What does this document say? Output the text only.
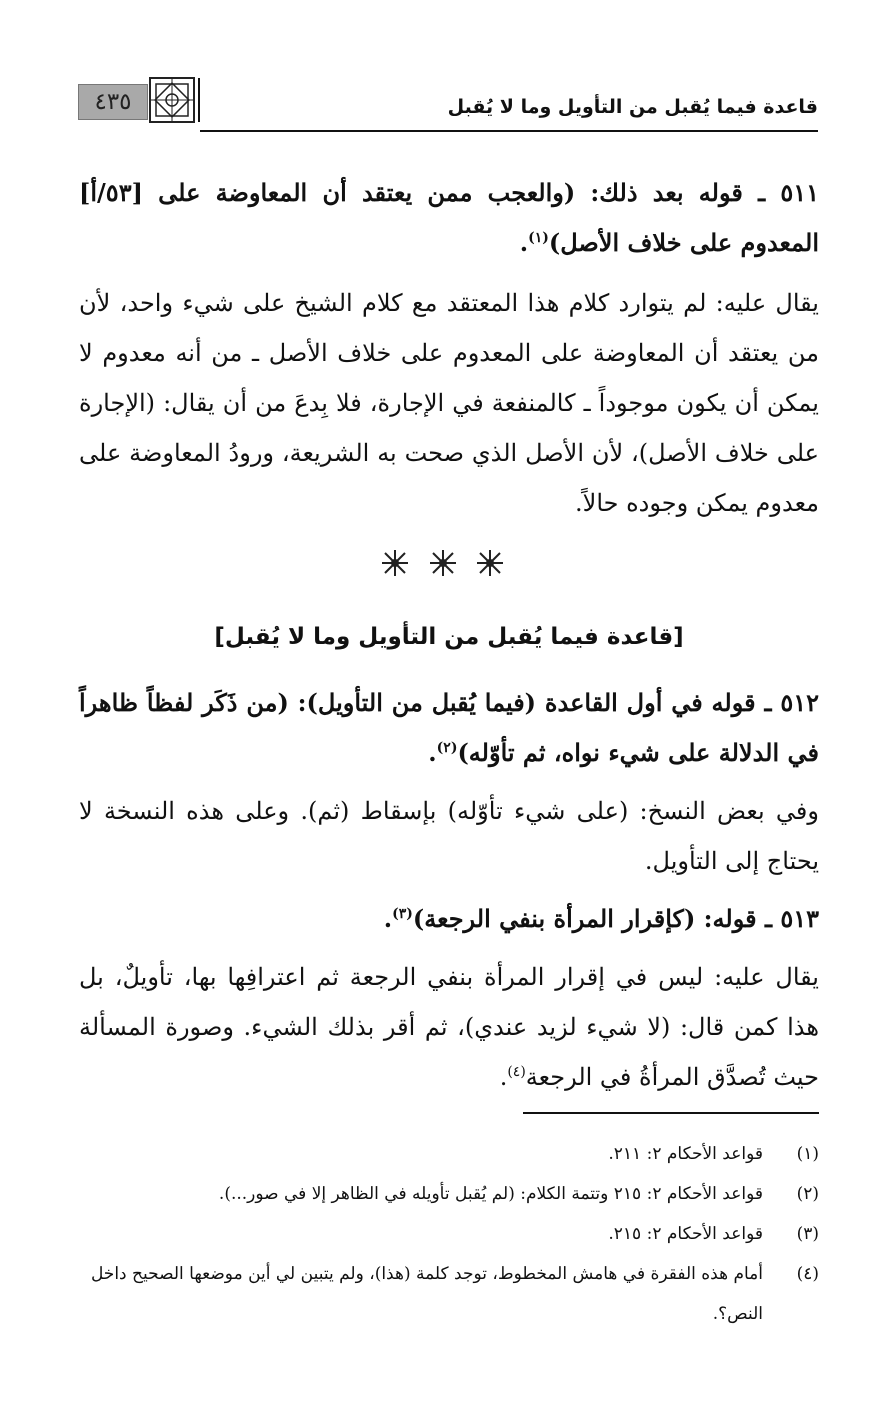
٤٣٥	قاعدة فيما يُقبل من التأويل وما لا يُقبل
٥١١ ـ قوله بعد ذلك: (والعجب ممن يعتقد أن المعاوضة على [٥٣/أ] المعدوم على خلاف الأصل)$^{(١)}$.
يقال عليه: لم يتوارد كلام هذا المعتقد مع كلام الشيخ على شيء واحد، لأن من يعتقد أن المعاوضة على المعدوم على خلاف الأصل ـ من أنه معدوم لا يمكن أن يكون موجوداً ـ كالمنفعة في الإجارة، فلا بِدعَ من أن يقال: (الإجارة على خلاف الأصل)، لأن الأصل الذي صحت به الشريعة، ورودُ المعاوضة على معدوم يمكن وجوده حالاً.

[قاعدة فيما يُقبل من التأويل وما لا يُقبل]
٥١٢ ـ قوله في أول القاعدة (فيما يُقبل من التأويل): (من ذَكَر لفظاً ظاهراً في الدلالة على شيء نواه، ثم تأوّله)$^{(٢)}$.
وفي بعض النسخ: (على شيء تأوّله) بإسقاط (ثم). وعلى هذه النسخة لا يحتاج إلى التأويل.
٥١٣ ـ قوله: (كإقرار المرأة بنفي الرجعة)$^{(٣)}$.
يقال عليه: ليس في إقرار المرأة بنفي الرجعة ثم اعترافِها بها، تأويلٌ، بل هذا كمن قال: (لا شيء لزيد عندي)، ثم أقر بذلك الشيء. وصورة المسألة حيث تُصدَّق المرأةُ في الرجعة$^{(٤)}$.
(١)
قواعد الأحكام ٢: ٢١١.
(٢)
قواعد الأحكام ٢: ٢١٥ وتتمة الكلام: (لم يُقبل تأويله في الظاهر إلا في صور...).
(٣)
قواعد الأحكام ٢: ٢١٥.
(٤)
أمام هذه الفقرة في هامش المخطوط، توجد كلمة (هذا)، ولم يتبين لي أين موضعها الصحيح داخل النص؟.
